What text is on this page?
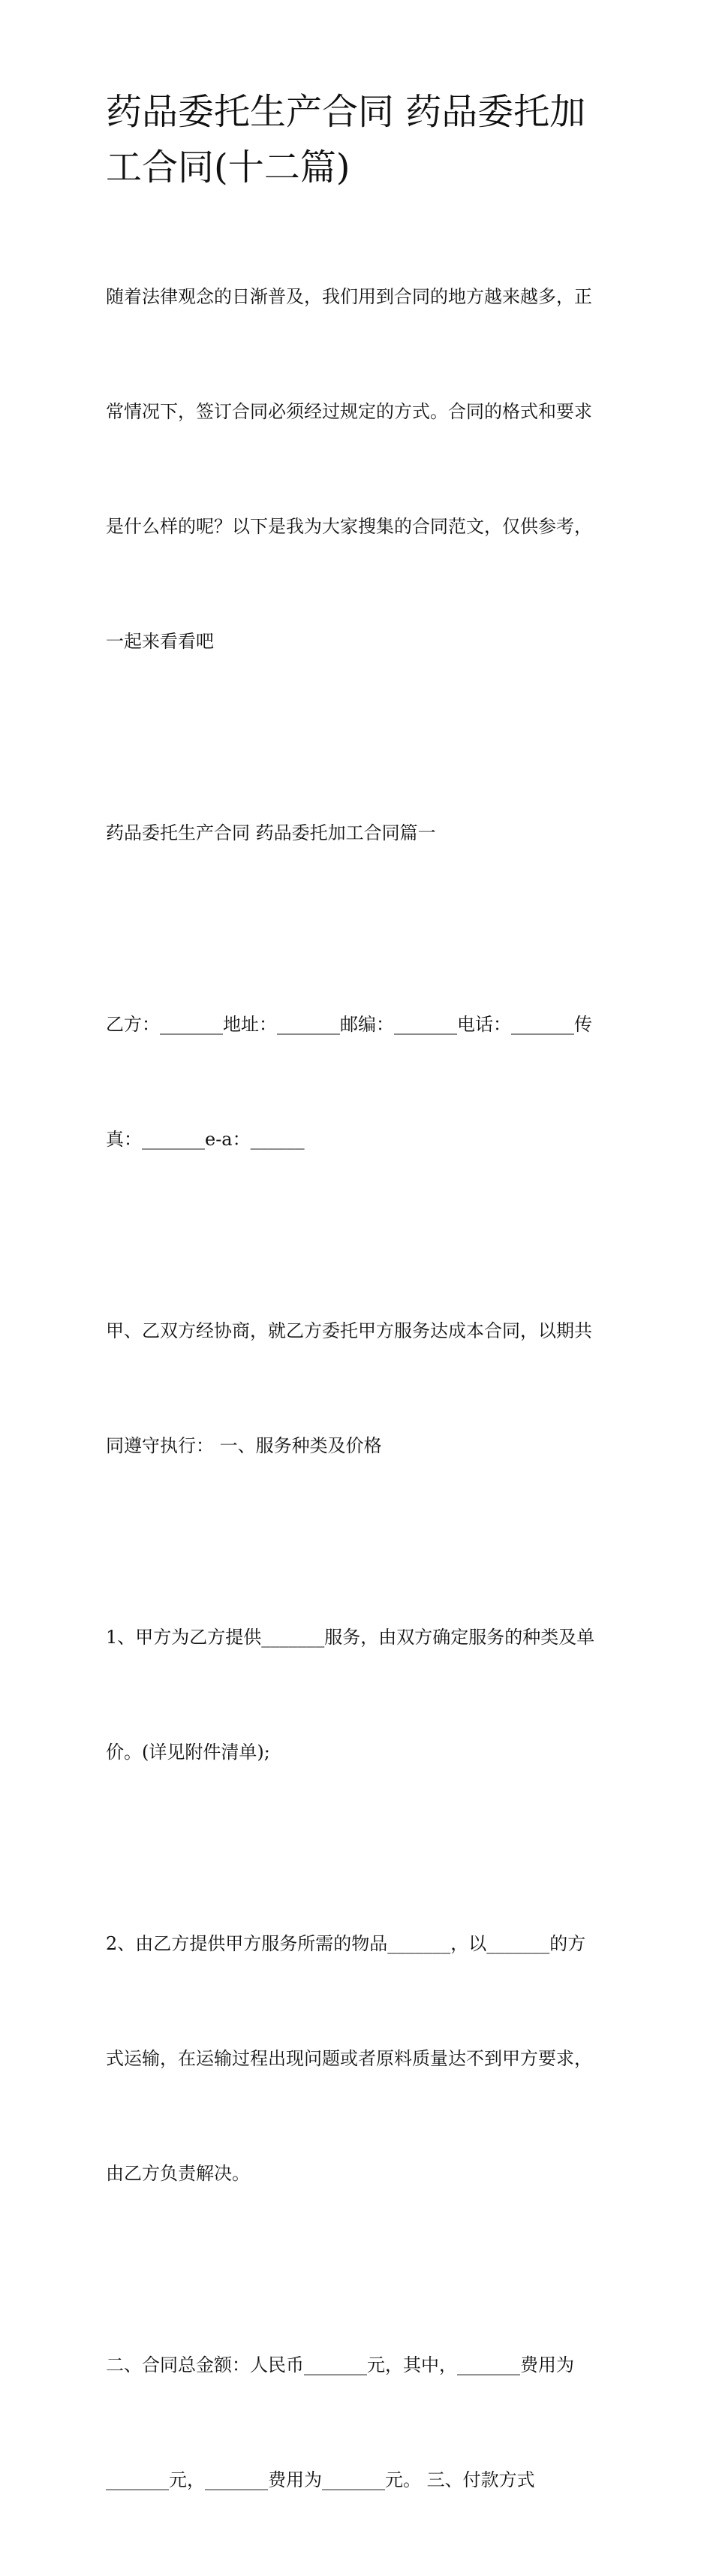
药品委托生产合同 药品委托加
工合同(十二篇)

随着法律观念的日渐普及，我们用到合同的地方越来越多，正

常情况下，签订合同必须经过规定的方式。合同的格式和要求

是什么样的呢？以下是我为大家搜集的合同范文，仅供参考，

一起来看看吧

药品委托生产合同 药品委托加工合同篇一

乙方：_______地址：_______邮编：_______电话：_______传

真：_______e-a：______

甲、乙双方经协商，就乙方委托甲方服务达成本合同，以期共

同遵守执行： 一、服务种类及价格

1、甲方为乙方提供_______服务，由双方确定服务的种类及单

价。(详见附件清单);

2、由乙方提供甲方服务所需的物品_______，以_______的方

式运输，在运输过程出现问题或者原料质量达不到甲方要求，

由乙方负责解决。

二、合同总金额：人民币_______元，其中，_______费用为

_______元，_______费用为_______元。 三、付款方式
